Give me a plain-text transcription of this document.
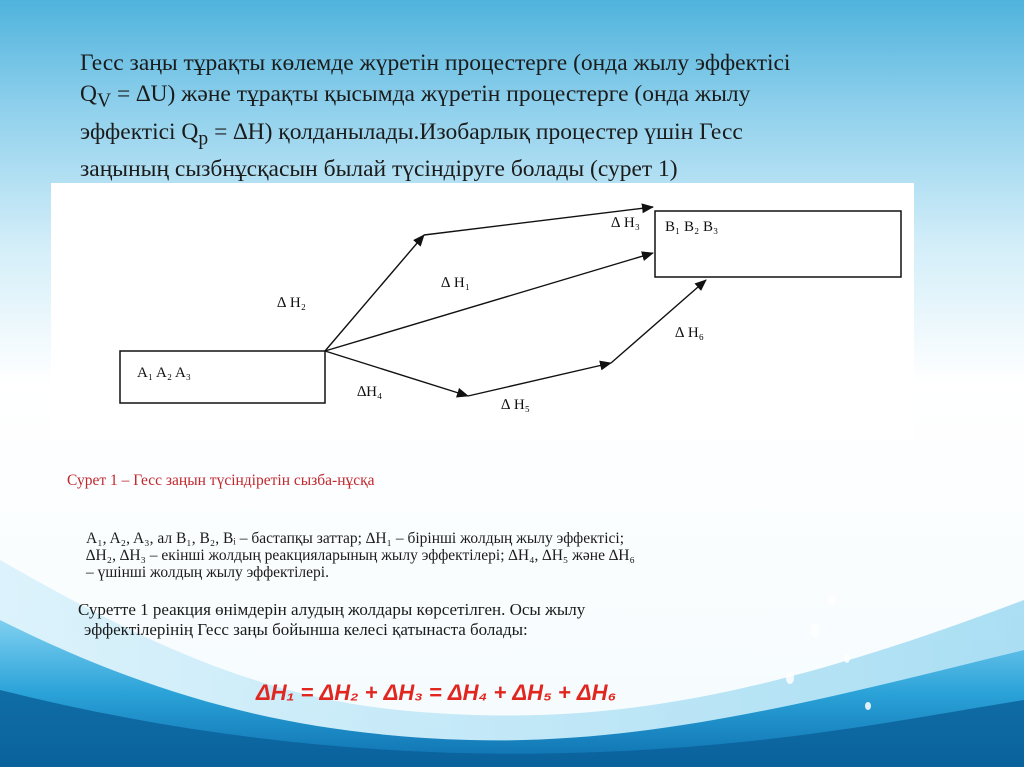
Гесс заңы тұрақты көлемде жүретін процестерге (онда жылу эффектісі

$Q_V = \Delta U$) және тұрақты қысымда жүретін процестерге (онда жылу

эффектісі $Q_p = \Delta H$) қолданылады.Изобарлық процестер үшін Гесс

заңының сызбнұсқасын былай түсіндіруге болады (сурет 1)

A₁ A₂ A₃
B₁ B₂ B₃
∆ H₁
∆ H₂
∆ H₃
∆H₄
∆ H₅
∆ H₆
Сурет 1 – Гесс заңын түсіндіретін сызба-нұсқа

A₁, A₂, A₃, ал B₁, B₂, Bᵢ – бастапқы заттар; ∆H₁ – бірінші жолдың жылу эффектісі;

∆H₂, ∆H₃ – екінші жолдың реакцияларының жылу эффектілері; ∆H₄, ∆H₅ және ∆H₆

– үшінші жолдың жылу эффектілері.

Суретте 1 реакция өнімдерін алудың жолдары көрсетілген. Осы жылу

эффектілерінің Гесс заңы бойынша келесі қатынаста болады:

ΔH₁ = ΔH₂ + ΔH₃ = ΔH₄ + ΔH₅ + ΔH₆
